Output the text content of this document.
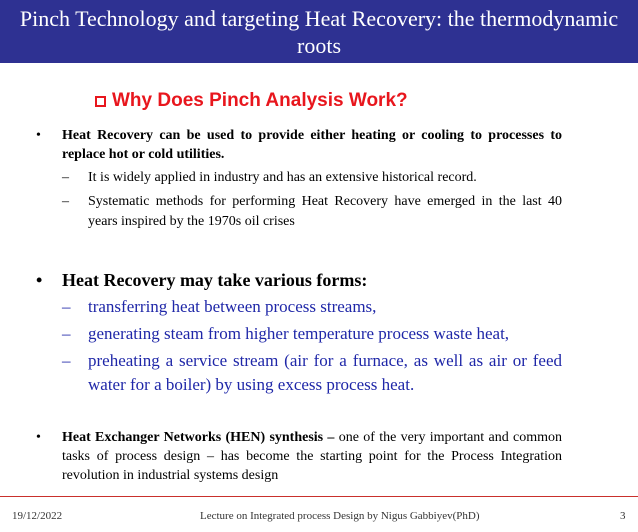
Pinch Technology and targeting Heat Recovery: the thermodynamic roots
Why Does Pinch Analysis Work?
•	Heat Recovery can be used to provide either heating or cooling to processes to replace hot or cold utilities.
–	It is widely applied in industry and has an extensive historical record.
–	Systematic methods for performing Heat Recovery have emerged in the last 40 years inspired by the 1970s oil crises
•	Heat Recovery may take various forms:
–	transferring heat between process streams,
–	generating steam from higher temperature process waste heat,
–	preheating a service stream (air for a furnace, as well as air or feed water for a boiler) by using excess process heat.
•	Heat Exchanger Networks (HEN) synthesis – one of the very important and common tasks of process design – has become the starting point for the Process Integration revolution in industrial systems design
19/12/2022	Lecture on Integrated process Design by Nigus Gabbiyev(PhD)	3
